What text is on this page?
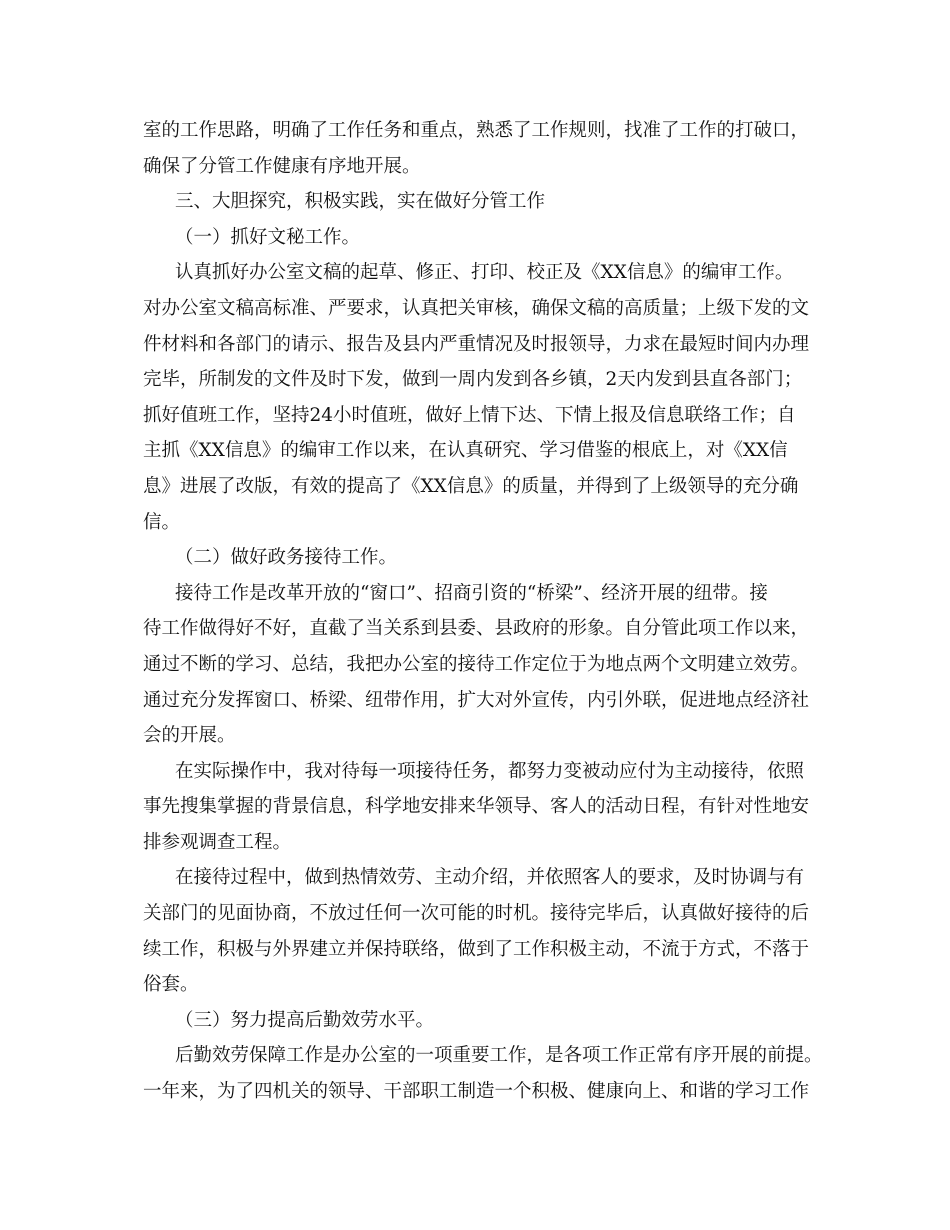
室的工作思路，明确了工作任务和重点，熟悉了工作规则，找准了工作的打破口，
确保了分管工作健康有序地开展。
三、大胆探究，积极实践，实在做好分管工作
（一）抓好文秘工作。
认真抓好办公室文稿的起草、修正、打印、校正及《XX信息》的编审工作。
对办公室文稿高标准、严要求，认真把关审核，确保文稿的高质量；上级下发的文
件材料和各部门的请示、报告及县内严重情况及时报领导，力求在最短时间内办理
完毕，所制发的文件及时下发，做到一周内发到各乡镇，2天内发到县直各部门；
抓好值班工作，坚持24小时值班，做好上情下达、下情上报及信息联络工作；自
主抓《XX信息》的编审工作以来，在认真研究、学习借鉴的根底上，对《XX信
息》进展了改版，有效的提高了《XX信息》的质量，并得到了上级领导的充分确
信。
（二）做好政务接待工作。
接待工作是改革开放的“窗口”、招商引资的“桥梁”、经济开展的纽带。接
待工作做得好不好，直截了当关系到县委、县政府的形象。自分管此项工作以来，
通过不断的学习、总结，我把办公室的接待工作定位于为地点两个文明建立效劳。
通过充分发挥窗口、桥梁、纽带作用，扩大对外宣传，内引外联，促进地点经济社
会的开展。
在实际操作中，我对待每一项接待任务，都努力变被动应付为主动接待，依照
事先搜集掌握的背景信息，科学地安排来华领导、客人的活动日程，有针对性地安
排参观调查工程。
在接待过程中，做到热情效劳、主动介绍，并依照客人的要求，及时协调与有
关部门的见面协商，不放过任何一次可能的时机。接待完毕后，认真做好接待的后
续工作，积极与外界建立并保持联络，做到了工作积极主动，不流于方式，不落于
俗套。
（三）努力提高后勤效劳水平。
后勤效劳保障工作是办公室的一项重要工作，是各项工作正常有序开展的前提。
一年来，为了四机关的领导、干部职工制造一个积极、健康向上、和谐的学习工作
